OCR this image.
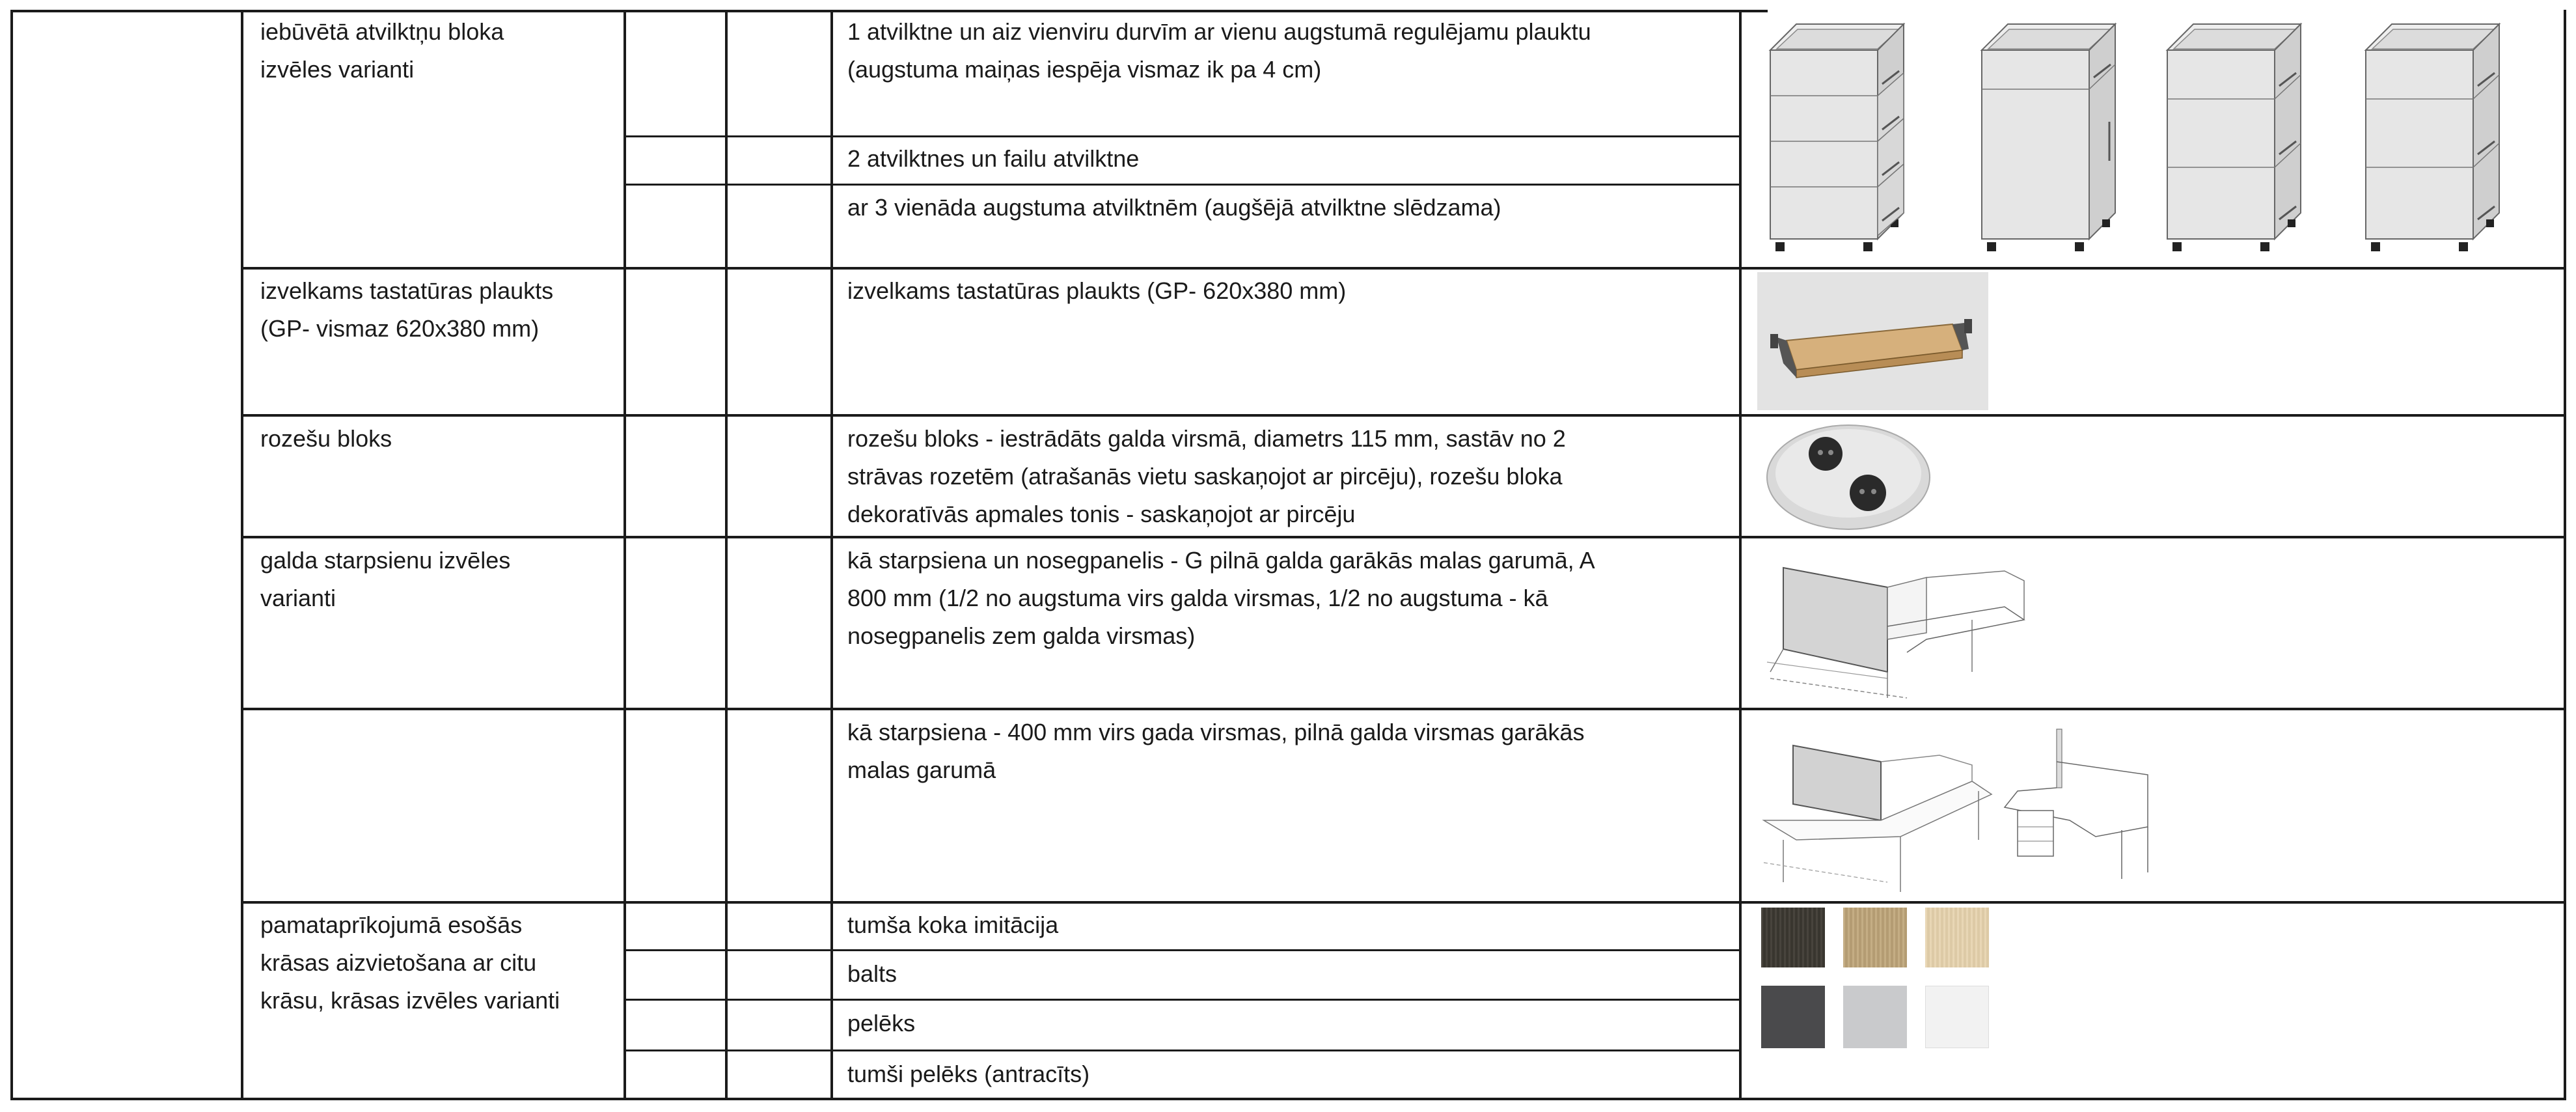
iebūvētā atvilktņu bloka
izvēles varianti
1 atvilktne un aiz vienviru durvīm ar vienu augstumā regulējamu plauktu
(augstuma maiņas iespēja vismaz ik pa 4 cm)
2 atvilktnes un failu atvilktne
ar 3 vienāda augstuma atvilktnēm (augšējā atvilktne slēdzama)
izvelkams tastatūras plaukts
(GP- vismaz 620x380 mm)
izvelkams tastatūras plaukts (GP- 620x380 mm)
rozešu bloks	rozešu bloks - iestrādāts galda virsmā, diametrs 115 mm, sastāv no 2
strāvas rozetēm (atrašanās vietu saskaņojot ar pircēju), rozešu bloka
dekoratīvās apmales tonis - saskaņojot ar pircēju
galda starpsienu izvēles
varianti
kā starpsiena un nosegpanelis - G pilnā galda garākās malas garumā, A
800 mm (1/2 no augstuma virs galda virsmas, 1/2 no augstuma - kā
nosegpanelis zem galda virsmas)
kā starpsiena - 400 mm virs gada virsmas, pilnā galda virsmas garākās
malas garumā
pamataprīkojumā esošās
krāsas aizvietošana ar citu
krāsu, krāsas izvēles varianti
tumša koka imitācija
balts
pelēks
tumši pelēks (antracīts)
